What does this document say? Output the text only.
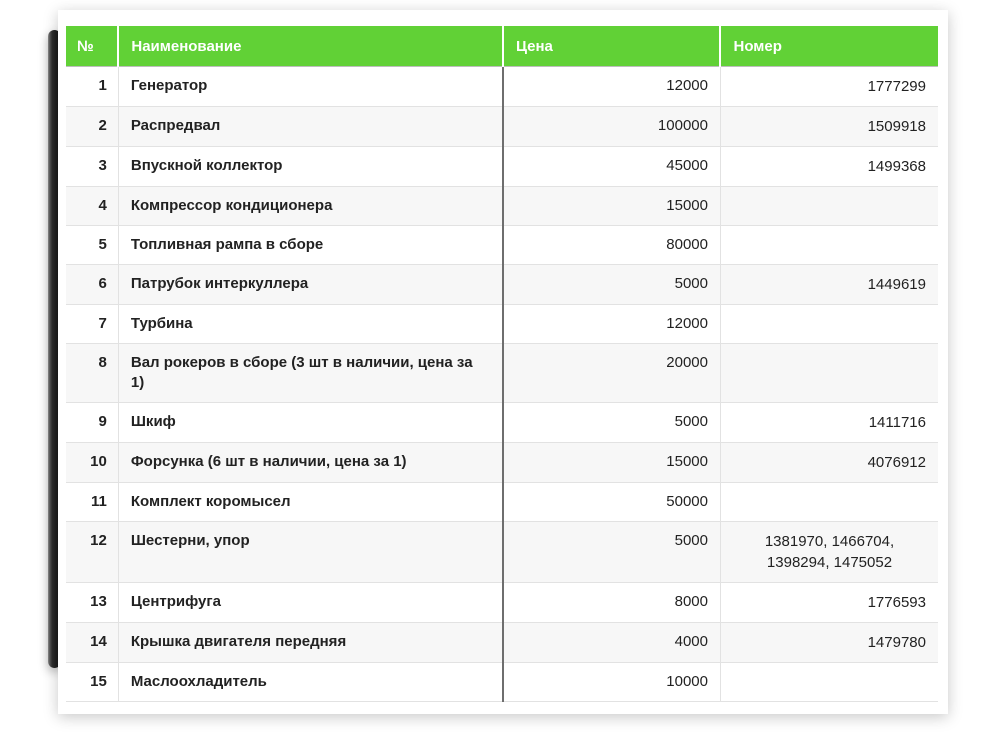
№	Наименование	Цена	Номер
1	Генератор	12000	1777299
2	Распредвал	100000	1509918
3	Впускной коллектор	45000	1499368
4	Компрессор кондиционера	15000	
5	Топливная рампа в сборе	80000	
6	Патрубок интеркуллера	5000	1449619
7	Турбина	12000	
8	Вал рокеров в сборе (3 шт в наличии, цена за 1)	20000	
9	Шкиф	5000	1411716
10	Форсунка (6 шт в наличии, цена за 1)	15000	4076912
11	Комплект коромысел	50000	
12	Шестерни, упор	5000	1381970, 1466704, 1398294, 1475052
13	Центрифуга	8000	1776593
14	Крышка двигателя передняя	4000	1479780
15	Маслоохладитель	10000	
